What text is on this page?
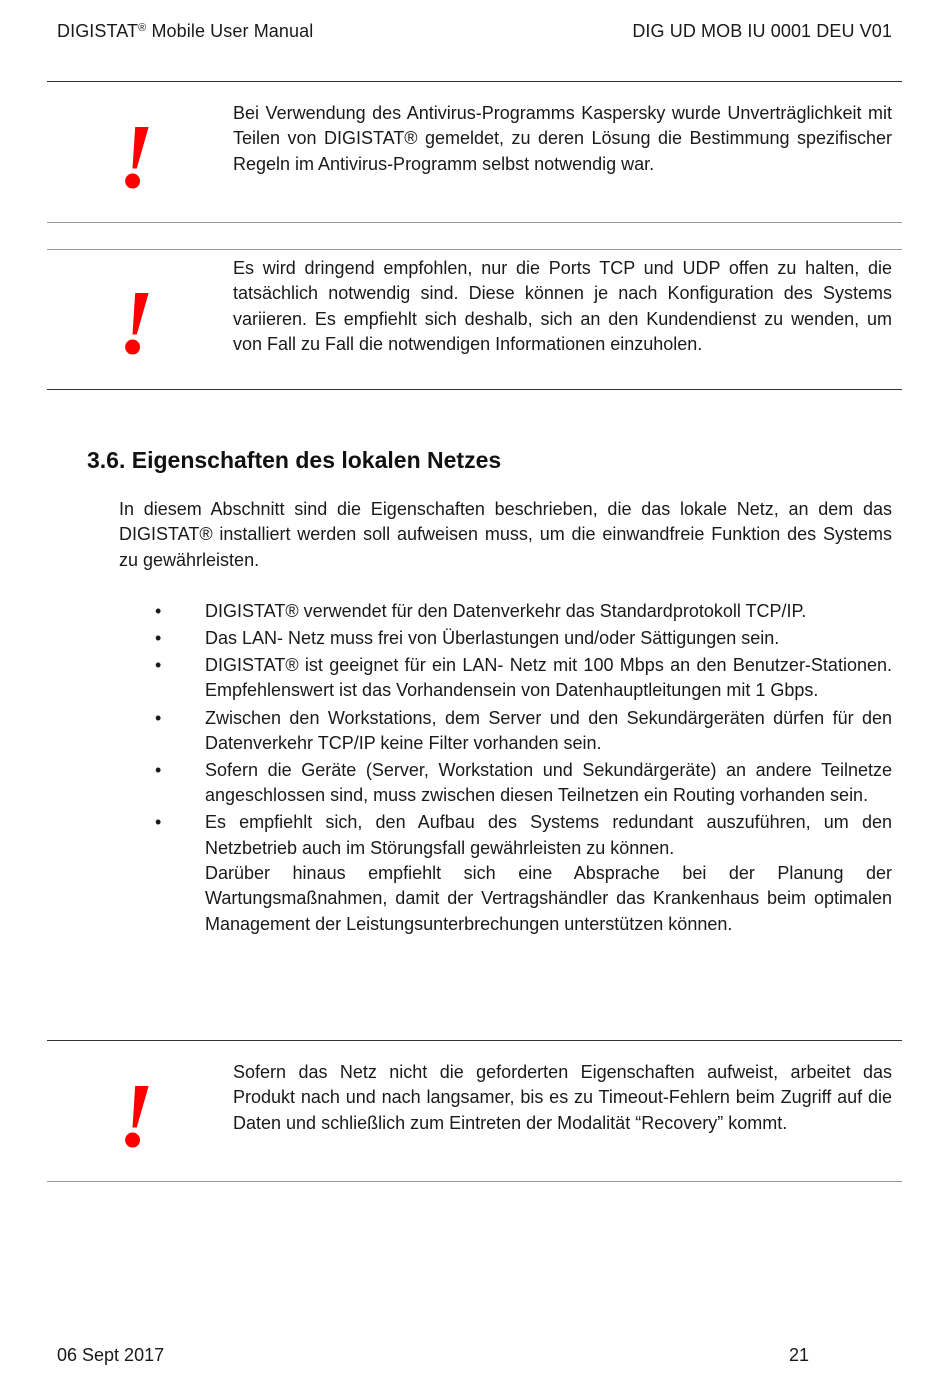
DIGISTAT® Mobile User Manual	DIG UD MOB IU 0001 DEU V01
!	Bei Verwendung des Antivirus-Programms Kaspersky wurde Unverträglichkeit mit Teilen von DIGISTAT® gemeldet, zu deren Lösung die Bestimmung spezifischer Regeln im Antivirus-Programm selbst notwendig war.

!

Es wird dringend empfohlen, nur die Ports TCP und UDP offen zu halten, die tatsächlich notwendig sind. Diese können je nach Konfiguration des Systems variieren. Es empfiehlt sich deshalb, sich an den Kundendienst zu wenden, um von Fall zu Fall die notwendigen Informationen einzuholen.

3.6. Eigenschaften des lokalen Netzes

In diesem Abschnitt sind die Eigenschaften beschrieben, die das lokale Netz, an dem das DIGISTAT® installiert werden soll aufweisen muss, um die einwandfreie Funktion des Systems zu gewährleisten.

• DIGISTAT® verwendet für den Datenverkehr das Standardprotokoll TCP/IP.
• Das LAN- Netz muss frei von Überlastungen und/oder Sättigungen sein.
• DIGISTAT® ist geeignet für ein LAN- Netz mit 100 Mbps an den Benutzer-Stationen. Empfehlenswert ist das Vorhandensein von Datenhauptleitungen mit 1 Gbps.
• Zwischen den Workstations, dem Server und den Sekundärgeräten dürfen für den Datenverkehr TCP/IP keine Filter vorhanden sein.
• Sofern die Geräte (Server, Workstation und Sekundärgeräte) an andere Teilnetze angeschlossen sind, muss zwischen diesen Teilnetzen ein Routing vorhanden sein.
• Es empfiehlt sich, den Aufbau des Systems redundant auszuführen, um den Netzbetrieb auch im Störungsfall gewährleisten zu können.
Darüber hinaus empfiehlt sich eine Absprache bei der Planung der Wartungsmaßnahmen, damit der Vertragshändler das Krankenhaus beim optimalen Management der Leistungsunterbrechungen unterstützen können.
!	Sofern das Netz nicht die geforderten Eigenschaften aufweist, arbeitet das Produkt nach und nach langsamer, bis es zu Timeout-Fehlern beim Zugriff auf die Daten und schließlich zum Eintreten der Modalität “Recovery” kommt.

06 Sept 2017	21
